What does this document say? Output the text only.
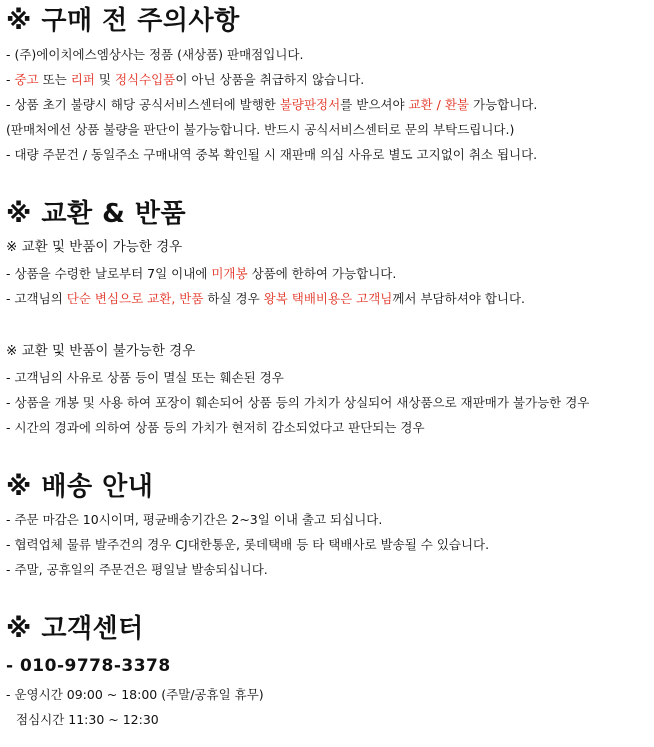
※ 구매 전 주의사항
- (주)에이치에스엠상사는 정품 (새상품) 판매점입니다.
- 중고 또는 리퍼 및 정식수입품이 아닌 상품을 취급하지 않습니다.
- 상품 초기 불량시 해당 공식서비스센터에 발행한 불량판정서를 받으셔야 교환 / 환불 가능합니다.
(판매처에선 상품 불량을 판단이 불가능합니다. 반드시 공식서비스센터로 문의 부탁드립니다.)
- 대량 주문건 / 동일주소 구매내역 중복 확인될 시 재판매 의심 사유로 별도 고지없이 취소 됩니다.
※ 교환 & 반품
※ 교환 및 반품이 가능한 경우
- 상품을 수령한 날로부터 7일 이내에 미개봉 상품에 한하여 가능합니다.
- 고객님의 단순 변심으로 교환, 반품 하실 경우 왕복 택배비용은 고객님께서 부담하셔야 합니다.
※ 교환 및 반품이 불가능한 경우
- 고객님의 사유로 상품 등이 멸실 또는 훼손된 경우
- 상품을 개봉 및 사용 하여 포장이 훼손되어 상품 등의 가치가 상실되어 새상품으로 재판매가 불가능한 경우
- 시간의 경과에 의하여 상품 등의 가치가 현저히 감소되었다고 판단되는 경우
※ 배송 안내
- 주문 마감은 10시이며, 평균배송기간은 2~3일 이내 출고 되십니다.
- 협력업체 물류 발주건의 경우 CJ대한통운, 롯데택배 등 타 택배사로 발송될 수 있습니다.
- 주말, 공휴일의 주문건은 평일날 발송되십니다.
※ 고객센터
- 010-9778-3378
- 운영시간 09:00 ~ 18:00 (주말/공휴일 휴무)
점심시간 11:30 ~ 12:30
